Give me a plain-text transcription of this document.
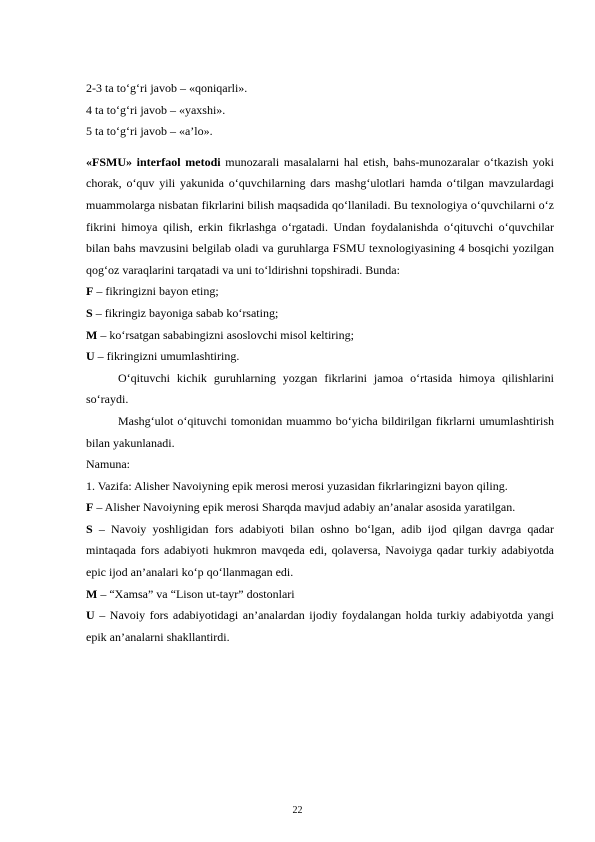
2-3 ta to‘g‘ri javob – «qoniqarli».

4 ta to‘g‘ri javob – «yaxshi».

5 ta to‘g‘ri javob – «a’lo».

«FSMU» interfaol metodi munozarali masalalarni hal etish, bahs-munozaralar o‘tkazish yoki chorak, o‘quv yili yakunida o‘quvchilarning dars mashg‘ulotlari hamda o‘tilgan mavzulardagi muammolarga nisbatan fikrlarini bilish maqsadida qo‘llaniladi. Bu texnologiya o‘quvchilarni o‘z fikrini himoya qilish, erkin fikrlashga o‘rgatadi. Undan foydalanishda o‘qituvchi o‘quvchilar bilan bahs mavzusini belgilab oladi va guruhlarga FSMU texnologiyasining 4 bosqichi yozilgan qog‘oz varaqlarini tarqatadi va uni to‘ldirishni topshiradi. Bunda:

F – fikringizni bayon eting;

S – fikringiz bayoniga sabab ko‘rsating;

M – ko‘rsatgan sababingizni asoslovchi misol keltiring;

U – fikringizni umumlashtiring.

O‘qituvchi kichik guruhlarning yozgan fikrlarini jamoa o‘rtasida himoya qilishlarini so‘raydi.

Mashg‘ulot o‘qituvchi tomonidan muammo bo‘yicha bildirilgan fikrlarni umumlashtirish bilan yakunlanadi.

Namuna:

1. Vazifa: Alisher Navoiyning epik merosi merosi yuzasidan fikrlaringizni bayon qiling.

F – Alisher Navoiyning epik merosi Sharqda mavjud adabiy an’analar asosida yaratilgan.

S – Navoiy yoshligidan fors adabiyoti bilan oshno bo‘lgan, adib ijod qilgan davrga qadar mintaqada fors adabiyoti hukmron mavqeda edi, qolaversa, Navoiyga qadar turkiy adabiyotda epic ijod an’analari ko‘p qo‘llanmagan edi.

M – “Xamsa” va “Lison ut-tayr” dostonlari

U – Navoiy fors adabiyotidagi an’analardan ijodiy foydalangan holda turkiy adabiyotda yangi epik an’analarni shakllantirdi.

22
